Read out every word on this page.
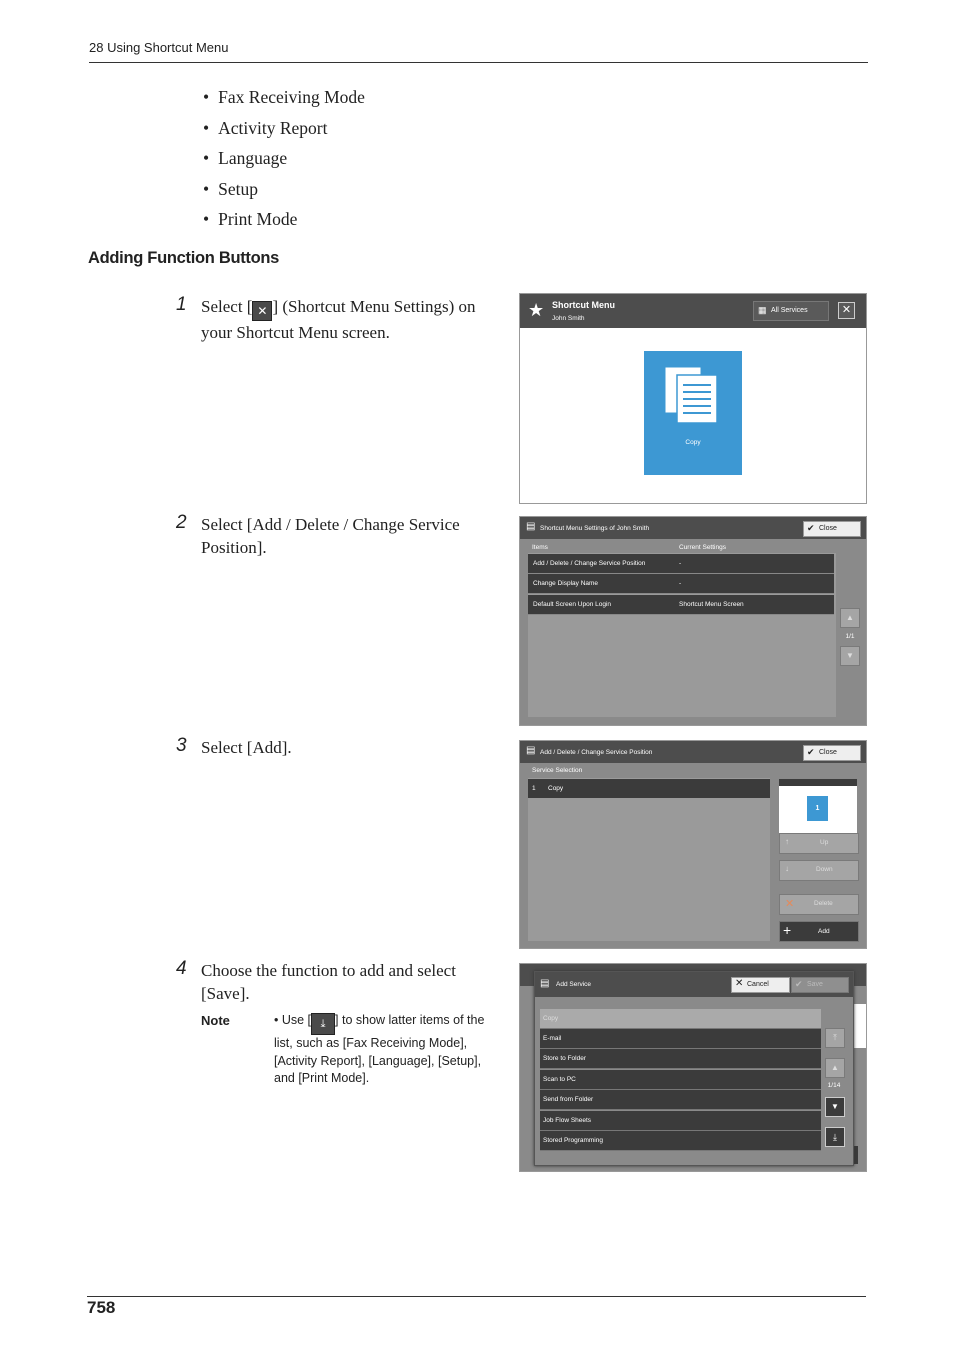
28 Using Shortcut Menu
• Fax Receiving Mode
• Activity Report
• Language
• Setup
• Print Mode
Adding Function Buttons
1 Select [ ✕ ] (Shortcut Menu Settings) on your Shortcut Menu screen.
2 Select [Add / Delete / Change Service Position].
3 Select [Add].
4 Choose the function to add and select [Save].
Note	• Use [ ⤓ ] to show latter items of the list, such as [Fax Receiving Mode], [Activity Report], [Language], [Setup], and [Print Mode].
★ Shortcut Menu
John Smith
▦ All Services	✕
Copy
▤ Shortcut Menu Settings of John Smith	✔ Close
Items	Current Settings
Add / Delete / Change Service Position	-
Change Display Name	-
Default Screen Upon Login	Shortcut Menu Screen
▲
1/1
▼
▤ Add / Delete / Change Service Position	✔ Close
Service Selection
1 Copy
1
↑	Up
↓	Down
✕	Delete
+	Add
▤ Add Service	✕ Cancel	✔ Save
Copy
E-mail
Store to Folder
Scan to PC
Send from Folder
Job Flow Sheets
Stored Programming
⤒
▲
1/14
▼
⤓
758
